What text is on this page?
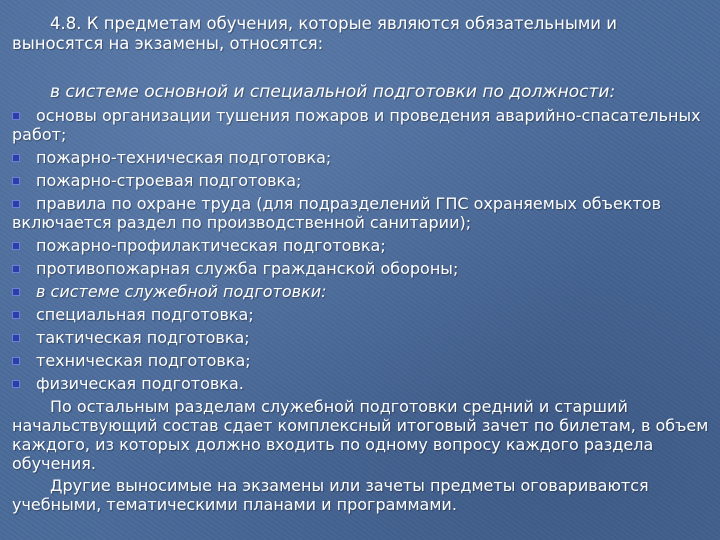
4.8. К предметам обучения, которые являются обязательными и выносятся на экзамены, относятся:
в системе основной и специальной подготовки по должности:
основы организации тушения пожаров и проведения аварийно-спасательных работ;
пожарно-техническая подготовка;
пожарно-строевая подготовка;
правила по охране труда (для подразделений ГПС охраняемых объектов включается раздел по производственной санитарии);
пожарно-профилактическая подготовка;
противопожарная служба гражданской обороны;
в системе служебной подготовки:
специальная подготовка;
тактическая подготовка;
техническая подготовка;
физическая подготовка.
По остальным разделам служебной подготовки средний и старший начальствующий состав сдает комплексный итоговый зачет по билетам, в объем каждого, из которых должно входить по одному вопросу каждого раздела обучения.
Другие выносимые на экзамены или зачеты предметы оговариваются учебными, тематическими планами и программами.
